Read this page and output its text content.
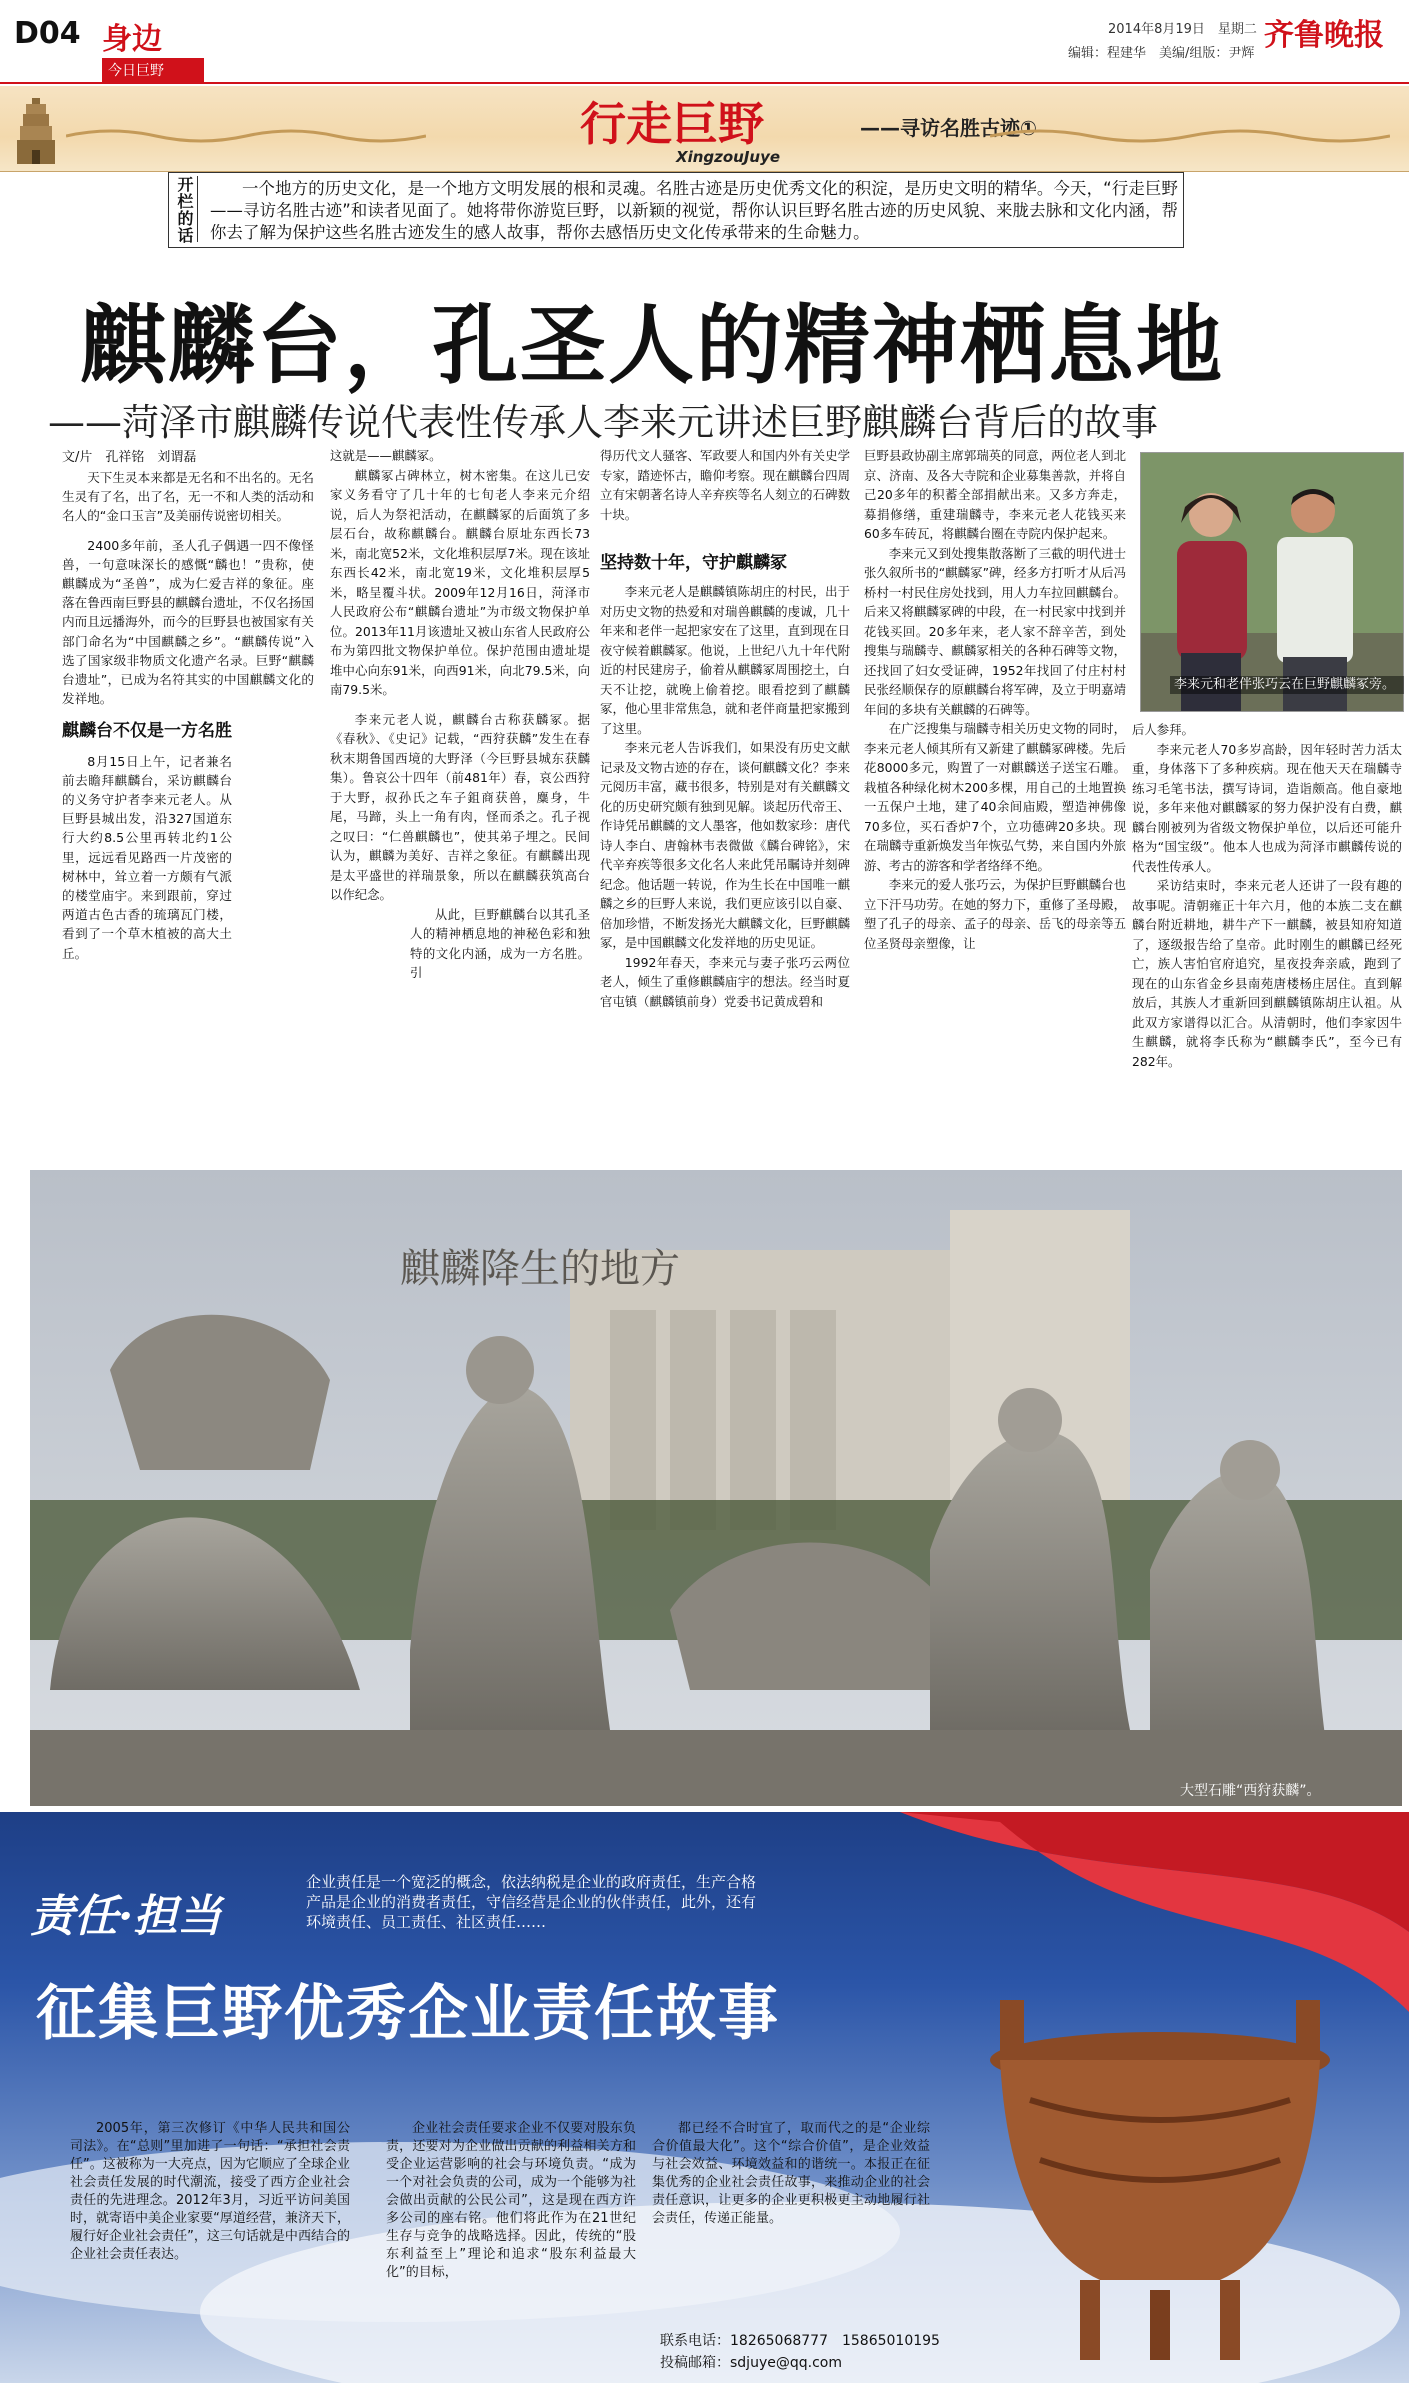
D04 身边
今日巨野
2014年8月19日　星期二
编辑：程建华　美编/组版：尹辉
齐鲁晚报
行走巨野
XingzouJuye
——寻访名胜古迹①
开栏的话
一个地方的历史文化，是一个地方文明发展的根和灵魂。名胜古迹是历史优秀文化的积淀，是历史文明的精华。今天，“行走巨野——寻访名胜古迹”和读者见面了。她将带你游览巨野，以新颖的视觉，帮你认识巨野名胜古迹的历史风貌、来胧去脉和文化内涵，帮你去了解为保护这些名胜古迹发生的感人故事，帮你去感悟历史文化传承带来的生命魅力。
麒麟台，孔圣人的精神栖息地
——菏泽市麒麟传说代表性传承人李来元讲述巨野麒麟台背后的故事
文/片　孔祥铭　刘谓磊

天下生灵本来都是无名和不出名的。无名生灵有了名，出了名，无一不和人类的活动和名人的“金口玉言”及美丽传说密切相关。

2400多年前，圣人孔子偶遇一四不像怪兽，一句意味深长的感慨“麟也！”贵称，使麒麟成为“圣兽”，成为仁爱吉祥的象征。座落在鲁西南巨野县的麒麟台遗址，不仅名扬国内而且远播海外，而今的巨野县也被国家有关部门命名为“中国麒麟之乡”。“麒麟传说”入选了国家级非物质文化遗产名录。巨野“麒麟台遗址”，已成为名符其实的中国麒麟文化的发祥地。

麒麟台不仅是一方名胜

8月15日上午，记者兼名前去瞻拜麒麟台，采访麒麟台的义务守护者李来元老人。从巨野县城出发，沿327国道东行大约8.5公里再转北约1公里，远远看见路西一片茂密的树林中，耸立着一方颇有气派的楼堂庙宇。来到跟前，穿过两道古色古香的琉璃瓦门楼，看到了一个草木植被的高大土丘。

这就是——麒麟冢。

麒麟冢占碑林立，树木密集。在这儿已安家义务看守了几十年的七旬老人李来元介绍说，后人为祭祀活动，在麒麟冢的后面筑了多层石台，故称麒麟台。麒麟台原址东西长73米，南北宽52米，文化堆积层厚7米。现在该址东西长42米，南北宽19米，文化堆积层厚5米，略呈覆斗状。2009年12月16日，菏泽市人民政府公布“麒麟台遗址”为市级文物保护单位。2013年11月该遗址又被山东省人民政府公布为第四批文物保护单位。保护范围由遗址堤堆中心向东91米，向西91米，向北79.5米，向南79.5米。

李来元老人说，麒麟台古称获麟冢。据《春秋》、《史记》记载，“西狩获麟”发生在春秋末期鲁国西境的大野泽（今巨野县城东获麟集）。鲁哀公十四年（前481年）春，哀公西狩于大野，叔孙氏之车子鉏商获兽，麋身，牛尾，马蹄，头上一角有肉，怪而杀之。孔子视之叹曰：“仁兽麒麟也”，使其弟子埋之。民间认为，麒麟为美好、吉祥之象征。有麒麟出现是太平盛世的祥瑞景象，所以在麒麟获筑高台以作纪念。

从此，巨野麒麟台以其孔圣人的精神栖息地的神秘色彩和独特的文化内涵，成为一方名胜。引

得历代文人骚客、军政要人和国内外有关史学专家，踏迹怀古，瞻仰考察。现在麒麟台四周立有宋朝著名诗人辛弃疾等名人刻立的石碑数十块。

坚持数十年，守护麒麟冢

李来元老人是麒麟镇陈胡庄的村民，出于对历史文物的热爱和对瑞兽麒麟的虔诚，几十年来和老伴一起把家安在了这里，直到现在日夜守候着麒麟冢。他说，上世纪八九十年代附近的村民建房子，偷着从麒麟冢周围挖土，白天不让挖，就晚上偷着挖。眼看挖到了麒麟冢，他心里非常焦急，就和老伴商量把家搬到了这里。

李来元老人告诉我们，如果没有历史文献记录及文物古迹的存在，谈何麒麟文化？李来元阅历丰富，藏书很多，特别是对有关麒麟文化的历史研究颇有独到见解。谈起历代帝王、作诗凭吊麒麟的文人墨客，他如数家珍：唐代诗人李白、唐翰林韦表微做《麟台碑铭》，宋代辛弃疾等很多文化名人来此凭吊瞩诗并刻碑纪念。他话题一转说，作为生长在中国唯一麒麟之乡的巨野人来说，我们更应该引以自豪、倍加珍惜，不断发扬光大麒麟文化，巨野麒麟冢，是中国麒麟文化发祥地的历史见证。

1992年春天，李来元与妻子张巧云两位老人，倾生了重修麒麟庙宇的想法。经当时夏官屯镇（麒麟镇前身）党委书记黄成碧和

巨野县政协副主席郭瑞英的同意，两位老人到北京、济南、及各大寺院和企业募集善款，并将自己20多年的积蓄全部捐献出来。又多方奔走，募捐修缮，重建瑞麟寺，李来元老人花钱买来60多车砖瓦，将麒麟台圈在寺院内保护起来。

李来元又到处搜集散落断了三截的明代进士张久叙所书的“麒麟冢”碑，经多方打听才从后冯桥村一村民住房处找到，用人力车拉回麒麟台。后来又将麒麟冢碑的中段，在一村民家中找到并花钱买回。20多年来，老人家不辞辛苦，到处搜集与瑞麟寺、麒麟冢相关的各种石碑等文物，还找回了妇女受证碑，1952年找回了付庄村村民张经顺保存的原麒麟台将军碑，及立于明嘉靖年间的多块有关麒麟的石碑等。

在广泛搜集与瑞麟寺相关历史文物的同时，李来元老人倾其所有又新建了麒麟冢碑楼。先后花8000多元，购置了一对麒麟送子送宝石雕。栽植各种绿化树木200多棵，用自己的土地置换一五保户土地，建了40余间庙殿，塑造神佛像70多位，买石香炉7个，立功德碑20多块。现在瑞麟寺重新焕发当年恢弘气势，来自国内外旅游、考古的游客和学者络绎不绝。

李来元的爱人张巧云，为保护巨野麒麟台也立下汗马功劳。在她的努力下，重修了圣母殿，塑了孔子的母亲、孟子的母亲、岳飞的母亲等五位圣贤母亲塑像，让

李来元和老伴张巧云在巨野麒麟冢旁。

后人参拜。

李来元老人70多岁高龄，因年轻时苦力活太重，身体落下了多种疾病。现在他天天在瑞麟寺练习毛笔书法，撰写诗词，造诣颇高。他自豪地说，多年来他对麒麟冢的努力保护没有白费，麒麟台刚被列为省级文物保护单位，以后还可能升格为“国宝级”。他本人也成为菏泽市麒麟传说的代表性传承人。

采访结束时，李来元老人还讲了一段有趣的故事呢。清朝雍正十年六月，他的本族二支在麒麟台附近耕地，耕牛产下一麒麟，被县知府知道了，逐级报告给了皇帝。此时刚生的麒麟已经死亡，族人害怕官府追究，星夜投奔亲戚，跑到了现在的山东省金乡县南苑唐楼杨庄居住。直到解放后，其族人才重新回到麒麟镇陈胡庄认祖。从此双方家谱得以汇合。从清朝时，他们李家因牛生麒麟，就将李氏称为“麒麟李氏”，至今已有282年。

麒麟降生的地方
大型石雕“西狩获麟”。
责任·担当
企业责任是一个宽泛的概念，依法纳税是企业的政府责任，生产合格产品是企业的消费者责任，守信经营是企业的伙伴责任，此外，还有环境责任、员工责任、社区责任……
征集巨野优秀企业责任故事

2005年，第三次修订《中华人民共和国公司法》。在“总则”里加进了一句话：“承担社会责任”。这被称为一大亮点，因为它顺应了全球企业社会责任发展的时代潮流，接受了西方企业社会责任的先进理念。2012年3月，习近平访问美国时，就寄语中美企业家要“厚道经营，兼济天下，履行好企业社会责任”，这三句话就是中西结合的企业社会责任表达。

企业社会责任要求企业不仅要对股东负责，还要对为企业做出贡献的利益相关方和受企业运营影响的社会与环境负责。“成为一个对社会负责的公司，成为一个能够为社会做出贡献的公民公司”，这是现在西方许多公司的座右铭。他们将此作为在21世纪生存与竞争的战略选择。因此，传统的“股东利益至上”理论和追求“股东利益最大化”的目标，

都已经不合时宜了，取而代之的是“企业综合价值最大化”。这个“综合价值”，是企业效益与社会效益、环境效益和的谐统一。本报正在征集优秀的企业社会责任故事，来推动企业的社会责任意识，让更多的企业更积极更主动地履行社会责任，传递正能量。

联系电话：18265068777　15865010195
投稿邮箱：sdjuye@qq.com
